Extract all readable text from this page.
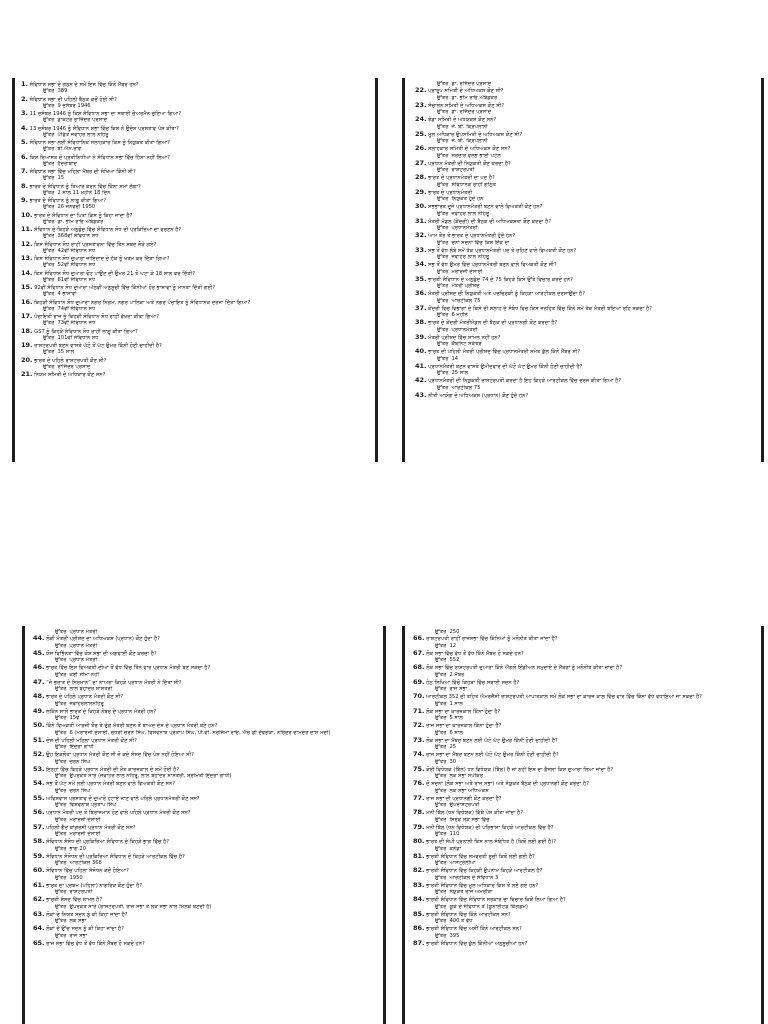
1. ਸੰਵਿਧਾਨ ਸਭਾ ਦੇ ਗਠਨ ਦੇ ਸਮੇਂ ਇਸ ਵਿੱਚ ਕਿੰਨੇ ਮੈਂਬਰ ਹਨ?
ਉੱਤਰ 389
2. ਸੰਵਿਧਾਨ ਸਭਾ ਦੀ ਪਹਿਲੀ ਬੈਠਕ ਕਦੋਂ ਹੋਈ ਸੀ?
ਉੱਤਰ 9 ਦਸੰਬਰ 1946
3. 11 ਦਸੰਬਰ 1946 ਨੂੰ ਕਿਸ ਸੰਵਿਧਾਨ ਸਭਾ ਦਾ ਸਥਾਈ ਚੇਅਰਮੈਨ ਚੁਣਿਆ ਗਿਆ?
ਉੱਤਰ ਡਾਕਟਰ ਰਾਜਿੰਦਰ ਪ੍ਰਸਾਦ
4. 13 ਦਸੰਬਰ 1946 ਨੂੰ ਸੰਵਿਧਾਨ ਸਭਾ ਵਿੱਚ ਕਿਸ ਨੇ ਉਦੇਸ਼ ਪ੍ਰਸਤਾਵ ਪੇਸ਼ ਕੀਤਾ?
ਉੱਤਰ ਪੰਡਿਤ ਜਵਾਹਰ ਲਾਲ ਨਹਿਰੂ
5. ਸੰਵਿਧਾਨ ਸਭਾ ਲਈ ਸੰਵਿਧਾਨਿਕ ਸਲਾਹਕਾਰ ਕਿਸ ਨੂੰ ਨਿਯੁਕਤ ਕੀਤਾ ਗਿਆ?
ਉੱਤਰ ਬੀ.ਐਨ.ਰਾਵ
6. ਕਿਸ ਰਿਆਸਤ ਦੇ ਪ੍ਰਤੀਨਿਧੀਆਂ ਨੇ ਸੰਵਿਧਾਨ ਸਭਾ ਵਿੱਚ ਹਿੱਸਾ ਨਹੀਂ ਲਿਆ?
ਉੱਤਰ ਹੈਦਰਾਬਾਦ
7. ਸੰਵਿਧਾਨ ਸਭਾ ਵਿੱਚ ਮਹਿਲਾ ਮੈਂਬਰ ਦੀ ਸੰਖਿਆ ਕਿੰਨੀ ਸੀ?
ਉੱਤਰ 15
8. ਭਾਰਤ ਦੇ ਸੰਵਿਧਾਨ ਨੂੰ ਤਿਆਰ ਕਰਨ ਵਿੱਚ ਕਿੰਨਾ ਸਮਾਂ ਲੱਗਾ?
ਉੱਤਰ 2 ਸਾਲ 11 ਮਹੀਨੇ 18 ਦਿਨ
9. ਭਾਰਤ ਦੇ ਸੰਵਿਧਾਨ ਨੂੰ ਲਾਗੂ ਕੀਤਾ ਗਿਆ?
ਉੱਤਰ 26 ਜਨਵਰੀ 1950
10. ਭਾਰਤ ਦੇ ਸੰਵਿਧਾਨ ਦਾ ਪਿਤਾ ਕਿਸ ਨੂੰ ਕਿਹਾ ਜਾਂਦਾ ਹੈ?
ਉੱਤਰ ਡਾ. ਭੀਮ ਰਾਓ ਅੰਬੇਡਕਰ
11. ਸੰਵਿਧਾਨ ਦੇ ਕਿਹੜੇ ਅਨੁਛੇਦ ਵਿੱਚ ਸੰਵਿਧਾਨ ਸੋਧ ਦੀ ਪ੍ਰਕਿਰਿਆ ਦਾ ਵਰਣਨ ਹੈ?
ਉੱਤਰ 368ਵੀਂ ਸੰਵਿਧਾਨ ਸੋਧ
12. ਕਿਸ ਸੰਵਿਧਾਨ ਸੋਧ ਰਾਹੀਂ ਪ੍ਰਸਤਾਵਨਾ ਵਿੱਚ ਤਿੰਨ ਸ਼ਬਦ ਜੋੜੇ ਗਏ?
ਉੱਤਰ 42ਵੀਂ ਸੰਵਿਧਾਨ ਸੋਧ
13. ਕਿਸ ਸੰਵਿਧਾਨ ਸੋਧ ਦੁਆਰਾ ਜਾਇਦਾਦ ਦੇ ਹੱਕ ਨੂੰ ਖਤਮ ਕਰ ਦਿੱਤਾ ਗਿਆ?
ਉੱਤਰ 52ਵੀਂ ਸੰਵਿਧਾਨ ਸੋਧ
14. ਕਿਸ ਸੰਵਿਧਾਨ ਸੋਧ ਦੁਆਰਾ ਵੋਟ ਪਾਉਣ ਦੀ ਉਮਰ 21 ਤੋਂ ਘਟਾ ਕੇ 18 ਸਾਲ ਕਰ ਦਿੱਤੀ?
ਉੱਤਰ 61ਵੀਂ ਸੰਵਿਧਾਨ ਸੋਧ
15. 92ਵੀਂ ਸੰਵਿਧਾਨ ਸੋਧ ਦੁਆਰਾ ਅੱਠਵੀਂ ਅਨੁਸੂਚੀ ਵਿੱਚ ਕਿੰਨੀਆਂ ਹੋਰ ਭਾਸ਼ਾਵਾਂ ਨੂੰ ਮਾਨਤਾ ਦਿੱਤੀ ਗਈ?
ਉੱਤਰ 4 ਭਾਸ਼ਾਵਾਂ
16. ਕਿਹੜੀ ਸੰਵਿਧਾਨ ਸੋਧ ਦੁਆਰਾ ਨਗਰ ਨਿਗਮ, ਨਗਰ ਪਾਲਿਕਾ ਅਤੇ ਨਗਰ ਪੰਚਾਇਤ ਨੂੰ ਸੰਵਿਧਾਨਕ ਦਰਜਾ ਦਿੱਤਾ ਗਿਆ?
ਉੱਤਰ 74ਵੀਂ ਸੰਵਿਧਾਨ ਸੋਧ
17. ਪੰਚਾਇਤੀ ਰਾਜ ਨੂੰ ਕਿਹੜੀ ਸੰਵਿਧਾਨ ਸੋਧ ਰਾਹੀਂ ਵੱਖਰਾ ਕੀਤਾ ਗਿਆ?
ਉੱਤਰ 73ਵੀਂ ਸੰਵਿਧਾਨ ਸੋਧ
18. GST ਨੂੰ ਕਿਹੜੇ ਸੰਵਿਧਾਨ ਸੋਧ ਰਾਹੀਂ ਲਾਗੂ ਕੀਤਾ ਗਿਆ?
ਉੱਤਰ 101ਵੀਂ ਸੰਵਿਧਾਨ ਸੋਧ
19. ਰਾਸ਼ਟਰਪਤੀ ਬਣਨ ਵਾਸਤੇ ਘੱਟੋ ਤੋਂ ਘੱਟ ਉਮਰ ਕਿੰਨੀ ਹੋਣੀ ਚਾਹੀਦੀ ਹੈ?
ਉੱਤਰ 35 ਸਾਲ
20. ਭਾਰਤ ਦੇ ਪਹਿਲੇ ਰਾਸ਼ਟਰਪਤੀ ਕੌਣ ਸੀ?
ਉੱਤਰ ਰਾਜਿੰਦਰ ਪ੍ਰਸਾਦ
21. ਨਿਯਮ ਸਮਿਤੀ ਦੇ ਅਧਿਕਾਰ ਕੌਣ ਸਨ?
ਉੱਤਰ ਡਾ. ਰਜਿੰਦਰ ਪ੍ਰਸਾਦ
22. ਪ੍ਰਾਰੂਪ ਸਮਿਤੀ ਦੇ ਅਧਿਅਕਸ਼ ਕੌਣ ਸੀ?
ਉੱਤਰ ਡਾ. ਭੀਮ ਰਾਓ ਅੰਬੇਡਕਰ
23. ਸੰਚਾਲਨ ਸਮਿਤੀ ਦੇ ਅਧਿਅਕਸ਼ ਕੌਣ ਸੀ?
ਉੱਤਰ ਡਾ. ਰਜਿੰਦਰ ਪ੍ਰਸਾਦ
24. ਝੰਡਾ ਸਮਿਤੀ ਦੇ ਅਧਯਕਸ਼ ਕੌਣ ਸਨ?
ਉੱਤਰ ਜੇ. ਬੀ. ਕ੍ਰਿਪਲਾਨੀ
25. ਮੂਲ ਅਧਿਕਾਰ ਉਪਸਮਿਤੀ ਦੇ ਅਧਿਅਕਸ਼ ਕੌਣ ਸੀ?
ਉੱਤਰ ਜੇ. ਬੀ. ਕ੍ਰਿਪਲਾਨੀ
26. ਸਲਾਹਕਾਰ ਸਮਿਤੀ ਦੇ ਅਧਿਅਕਸ਼ ਕੌਣ ਸਨ?
ਉੱਤਰ ਸਰਦਾਰ ਵਲਭ ਭਾਈ ਪਟੇਲ
27. ਪ੍ਰਧਾਨ ਮੰਤਰੀ ਦੀ ਨਿਯੁਕਤੀ ਕੌਣ ਕਰਦਾ ਹੈ?
ਉੱਤਰ ਰਾਸ਼ਟਰਪਤੀ
28. ਭਾਰਤ ਦੇ ਪ੍ਰਧਾਨਮੰਤਰੀ ਦਾ ਪਦ ਹੈ?
ਉੱਤਰ ਸੰਵਿਧਾਨਕ ਰਾਹੀਂ ਗਠਿਤ
29. ਭਾਰਤ ਦੇ ਪ੍ਰਧਾਨਮੰਤਰੀ
ਉੱਤਰ ਨਿਯੁਕਤ ਹੁੰਦੇ ਹਨ
30. ਸਭਭਾਰਤ ਦੂਜੇ ਪ੍ਰਧਾਨਮੰਤਰੀ ਬਣਨ ਵਾਲੇ ਵਿਅਕਤੀ ਕੌਣ ਹਨ?
ਉੱਤਰ ਜਵਾਹਰ ਲਾਲ ਨਹਿਰੂ
31. ਮੰਤਰੀ ਮੰਡਲ (ਕੇਂਦਰੀ) ਦੀ ਬੈਠਕ ਦੀ ਅਧਿਅਕਸ਼ਤਾ ਕੌਣ ਕਰਦਾ ਹੈ?
ਉੱਤਰ ਪ੍ਰਧਾਨਮੰਤਰੀ
32. ਆਮ ਤੌਰ ਤੇ ਭਾਰਤ ਦੇ ਪ੍ਰਧਾਨਮੰਤਰੀ ਹੁੰਦੇ ਹਨ?
ਉੱਤਰ ਦੋਨਾਂ ਸਦਨਾਂ ਵਿੱਚ ਕਿਸੇ ਇੱਕ ਦਾ
33. ਸਭ ਤੋਂ ਵੱਧ ਲੰਬੇ ਸਮੇਂ ਤੱਕ ਪ੍ਰਧਾਨਮੰਤਰੀ ਪਦ ਤੇ ਰਹਿਣ ਵਾਲੇ ਵਿਅਕਤੀ ਕੌਣ ਹਨ?
ਉੱਤਰ ਜਵਾਹਰ ਲਾਲ ਨਹਿਰੂ
34. ਸਭ ਤੋਂ ਵੱਧ ਉਮਰ ਵਿੱਚ ਪ੍ਰਧਾਨਮੰਤਰੀ ਬਣਨ ਵਾਲੇ ਵਿਅਕਤੀ ਕੌਣ ਸੀ?
ਉੱਤਰ ਮੋਰਾਰਜੀ ਦੇਸਾਈ
35. ਭਾਰਤੀ ਸੰਵਿਧਾਨ ਦੇ ਅਨੁਛੇਦ 74 ਦੇ 75 ਕਿਹੜੇ ਕਿਸੇ ਉੱਤੇ ਵਿਚਾਰ ਕਰਦੇ ਹਨ?
ਉੱਤਰ ਮੰਤਰੀ ਪ੍ਰੀਸ਼ਦ
36. ਮੰਤਰੀ ਪ੍ਰੀਸ਼ਦ ਦੀ ਨਿਯੁਕਤੀ ਅਤੇ ਪਦਚਿਰਕੀ ਨੂੰ ਕਿਹੜਾ ਆਰਟੀਕਲ ਦਰਸਾਉਂਦਾ ਹੈ?
ਉੱਤਰ ਆਰਟੀਕਲ 75
37. ਕੇਂਦਰੀ ਵਿਚ ਵਿਭਾਗਾਂ ਦੇ ਕਿਸੇ ਦੀ ਸਲਾਹ ਦੇ ਸੰਬੰਧ ਵਿਚ ਕਿਸ ਜਨਹਿਤ ਵਿੱਚ ਕਿੰਨੇ ਸਮੇਂ ਤੱਕ ਮੰਤਰੀ ਬਣਿਆ ਰਹਿ ਸਕਦਾ ਹੈ?
ਉੱਤਰ 6 ਮਹੀਨੇ
38. ਭਾਰਤ ਦੇ ਕੇਂਦਰੀ ਮੰਤਰੀਮੰਡਲ ਦੀ ਬੈਠਕ ਦੀ ਪ੍ਰਧਾਨਗੀ ਕੌਣ ਕਰਦਾ ਹੈ?
ਉੱਤਰ ਪ੍ਰਧਾਨਮੰਤਰੀ
39. ਮੰਤਰੀ ਪ੍ਰੀਸ਼ਦ ਵਿੱਚ ਸ਼ਾਮਲ ਨਹੀਂ ਹਨ?
ਉੱਤਰ ਕੈਬਨਿਟ ਸਕੱਤਰ
40. ਭਾਰਤ ਦੀ ਪਹਿਲੀ ਮੰਤਰੀ ਪ੍ਰੀਸ਼ਦ ਵਿੱਚ ਪ੍ਰਧਾਨਮੰਤਰੀ ਸਮੇਤ ਕੁੱਲ ਕਿੰਨੇ ਮੈਂਬਰ ਸੀ?
ਉੱਤਰ 14
41. ਪ੍ਰਧਾਨਮੰਤਰੀ ਬਣਨ ਵਾਸਤੇ ਉਮੀਦਵਾਰ ਦੀ ਘੱਟੋ ਘੱਟ ਉਮਰ ਕਿੰਨੀ ਹੋਣੀ ਚਾਹੀਦੀ ਹੈ?
ਉੱਤਰ 25 ਸਾਲ
42. ਪ੍ਰਧਾਨਮੰਤਰੀ ਦੀ ਨਿਯੁਕਤੀ ਰਾਸ਼ਟਰਪਤੀ ਕਰਦਾ ਹੈ ਇਹ ਕਿਹੜੇ ਆਰਟੀਕਲ ਵਿੱਚ ਦਰਜ ਕੀਤਾ ਗਿਆ ਹੈ?
ਉੱਤਰ ਆਰਟੀਕਲ 75
43. ਨੀਤੀ ਆਯੋਗ ਦੇ ਅਧਿਅਕਸ਼ (ਪ੍ਰਧਾਨ) ਕੌਣ ਹੁੰਦੇ ਹਨ?
ਉੱਤਰ ਪ੍ਰਧਾਨ ਮੰਤਰੀ
44. ਲੋਕੀ ਮੰਤਰੀ ਪ੍ਰੀਸ਼ਦ ਦਾ ਅਧਿਅਕਸ਼ (ਪ੍ਰਧਾਨ) ਕੌਣ ਹੁੰਦਾ ਹੈ?
ਉੱਤਰ ਪ੍ਰਧਾਨ ਮੰਤਰੀ
45. ਯੋਜ ਵਿਭਿੰਨਤਾ ਵਿੱਚ ਕੋਸ਼ ਸਭਾ ਦੀ ਅਗਵਾਈ ਕੌਣ ਕਰਦਾ ਹੈ?
ਉੱਤਰ ਪ੍ਰਧਾਨ ਮੰਤਰੀ
46. ਭਾਰਤ ਵਿੱਚ ਇਸ ਵਿਅਕਤੀ ਦੀਆਂ ਤੋਂ ਵੱਧ ਵਿੱਚ ਤਿੰਨ ਵਾਰ ਪ੍ਰਧਾਨ ਮੰਤਰੀ ਬਣ ਸਕਦਾ ਹੈ?
ਉੱਤਰ ਕੋਈ ਸੀਮਾ ਨਹੀਂ
47. “ਜੇ ਭਰਾਤ ਦੇ ਨਿਰਮਾਨ” ਦਾ ਨਾਅਰਾ ਕਿਹੜੇ ਪ੍ਰਧਾਨ ਮੰਤਰੀ ਨੇ ਦਿੱਤਾ ਸੀ?
ਉੱਤਰ ਲਾਲ ਬਹਾਦਰ ਸ਼ਾਸਤਰੀ
48. ਭਾਰਤ ਦੇ ਪਹਿਲੇ ਪ੍ਰਧਾਨ ਮੰਤਰੀ ਕੌਣ ਸੀ?
ਉੱਤਰ ਜਵਾਹਰਲਾਲਨਹਿਰੂ
49. ਲਕਿੰਨ ਸਾਲੋਂ ਭਾਰਤ ਦੇ ਕਿਹੜੇ ਨੰਬਰ ਦੇ ਪ੍ਰਧਾਨ ਮੰਤਰੀ ਹਨ?
ਉੱਤਰ 15ਵੇਂ
50. ਕਿੰਨੇ ਵਿਅਕਤੀ ਆਰਜ਼ੀ ਤੌਰ ਤੇ ਦੁੱਗ ਮੰਤਰੀ ਬਣਨ ਤੋਂ ਬਾਅਦ ਦੇਸ਼ ਦੇ ਪ੍ਰਧਾਨ ਮੰਤਰੀ ਬਣੇ ਹਨ?
ਉੱਤਰ 6 (ਮੋਰਾਰਜੀ ਦੇਸਾਈ, ਚੌਧਰੀ ਚਰਨ ਸਿੰਘ, ਵਿਸ਼ਵਨਾਥ ਪ੍ਰਤਾਪ ਸਿੰਘ, ਪੀ.ਵੀ. ਨਰਸਿੰਮਾ ਰਾਓ, ਐਚ ਡੀ ਦੇਵਗੌੜਾ, ਨਰਿੰਦਰ ਦਾਮੋਦਰ ਦਾਸ ਮੋਦੀ)
51. ਦੇਸ਼ ਦੀ ਪਹਿਲੀ ਮਹਿਲਾ ਪ੍ਰਧਾਨ ਮੰਤਰੀ ਕੌਣ ਸੀ?
ਉੱਤਰ ਇੰਦਰਾ ਗਾਂਧੀ
52. ਉਹ ਇਕਲੌਤਾ ਪ੍ਰਧਾਨ ਮੰਤਰੀ ਕੌਣ ਸੀ ਜੋ ਕਦੇ ਸੰਸਦ ਵਿੱਚ ਪੇਸ਼ ਨਹੀਂ ਹੋਇਆ ਸੀ?
ਉੱਤਰ ਚਰਨ ਸਿੰਘ
53. ਇਨ੍ਹਾਂ ਵਿੱਚ ਕਿਹੜੇ ਪ੍ਰਧਾਨ ਮੰਤਰੀ ਦੀ ਮੌਤ ਕਾਰਜਕਾਲ ਦੇ ਸਮੇਂ ਹੋਈ ਹੈ?
ਉੱਤਰ ਉਪਰੋਕਤ ਸਾਰੇ (ਜਵਾਹਰ ਲਾਲ ਨਹਿਰੂ, ਲਾਲ ਬਹਾਦਰ ਸ਼ਾਸਤਰੀ, ਸ਼੍ਰੀਮਤੀ ਇੰਦਰਾ ਗਾਂਧੀ)
54. ਸਭ ਤੋਂ ਘੱਟ ਸਮੇਂ ਲਈ ਪ੍ਰਧਾਨ ਮੰਤਰੀ ਬਣਨ ਵਾਲੇ ਵਿਅਕਤੀ ਕੌਣ ਸਨ?
ਉੱਤਰ ਚਰਨ ਸਿੰਘ
55. ਅਵਿਸ਼ਵਾਸ ਪ੍ਰਸਤਾਵ ਦੇ ਦੁਆਰੇ ਹਟਾਏ ਜਾਣ ਵਾਲੇ ਪਹਿਲੇ ਪ੍ਰਧਾਨਮੰਤਰੀ ਕੌਣ ਸਨ?
ਉੱਤਰ ਵਿਸ਼ਵਨਾਥ ਪ੍ਰਤਾਪ ਸਿੰਘ
56. ਪ੍ਰਧਾਨ ਮੰਤਰੀ ਪਦ ਤੇ ਬਿਰਾਜਮਾਨ ਹੋਣ ਵਾਲੇ ਪਹਿਲੇ ਪ੍ਰਧਾਨ ਮੰਤਰੀ ਕੌਣ ਸਨ?
ਉੱਤਰ ਮੋਰਾਰਜੀ ਦੇਸਾਈ
57. ਪਹਿਲੀ ਗੈਰ ਕਾਂਗਰਸੀ ਪ੍ਰਧਾਨ ਮੰਤਰੀ ਕੌਣ ਸਨ?
ਉੱਤਰ ਮੋਰਾਰਜੀ ਦੇਸਾਈ
58. ਸੰਵਿਧਾਨ ਸੰਸੋਧ ਦੀ ਪ੍ਰਕਿਰਿਆ ਸੰਵਿਧਾਨ ਦੇ ਕਿਹੜੇ ਭਾਗ ਵਿੱਚ ਹੈ?
ਉੱਤਰ ਭਾਗ 20
59. ਸੰਵਿਧਾਨ ਸੰਸੋਧਨ ਦੀ ਪ੍ਰਕਿਰਿਆ ਸੰਵਿਧਾਨ ਦੇ ਕਿਹੜੇ ਆਰਟੀਕਲ ਵਿੱਚ ਹੈ?
ਉੱਤਰ ਆਰਟੀਕਲ 368
60. ਸੰਵਿਧਾਨ ਵਿੱਚ ਪਹਿਲਾ ਸੰਸੋਧਨ ਕਦੋਂ ਹੋਇਆ?
ਉੱਤਰ 1950
61. ਭਾਰਤ ਦਾ ਪ੍ਰਥਮ (ਪਹਿਲਾ) ਨਾਗਰਿਕ ਕੌਣ ਹੁੰਦਾ ਹੈ?
ਉੱਤਰ ਰਾਸ਼ਟਰਪਤੀ
62. ਭਾਰਤੀ ਸੰਸਦ ਵਿੱਚ ਸ਼ਾਮਲ ਹੈ?
ਉੱਤਰ ਉਪਰੋਕਤ ਸਾਰੇ (ਰਾਸ਼ਟਰਪਤੀ, ਰਾਜ ਸਭਾ ਤੇ ਲੋਕ ਸਭਾ ਨਾਲ ਮਿਲਕੇ ਬਣਦੀ ਹੈ)
63. ਲੋਕਾਂ ਦੇ ਨਿਯਤ ਸਦਨ ਨੂੰ ਕੀ ਕਿਹਾ ਜਾਂਦਾ ਹੈ?
ਉੱਤਰ ਲੋਕ ਸਭਾ
64. ਲੋਕਾਂ ਦੇ ਉੱਚ ਸਦਨ ਨੂੰ ਕੀ ਕਿਹਾ ਜਾਂਦਾ ਹੈ?
ਉੱਤਰ ਰਾਜ ਸਭਾ
65. ਰਾਜ ਸਭਾ ਵਿੱਚ ਵੱਧ ਤੋਂ ਵੱਧ ਕਿੰਨੇ ਮੈਂਬਰ ਹੋ ਸਕਦੇ ਹਨ?
ਉੱਤਰ 250
66. ਰਾਸ਼ਟਰਪਤੀ ਰਾਹੀਂ ਰਾਜਸਭਾ ਵਿੱਚ ਕਿੰਨਿਆਂ ਨੂੰ ਮਨੋਨੀਤ ਕੀਤਾ ਜਾਂਦਾ ਹੈ?
ਉੱਤਰ 12
67. ਲੋਕ ਸਭਾ ਵਿੱਚ ਵੱਧ ਤੋਂ ਵੱਧ ਕਿੰਨੇ ਮੈਂਬਰ ਹੋ ਸਕਦੇ ਹਨ?
ਉੱਤਰ 552
68. ਲੋਕ ਸਭਾ ਵਿੱਚ ਰਾਸ਼ਟਰਪਤੀ ਦੁਆਰਾ ਕਿੰਨੇ ਐਂਗਲੋ ਇੰਡੀਅਨ ਸਮੁਦਾਏ ਦੇ ਮੈਂਬਰਾਂ ਨੂੰ ਮਨੋਨੀਤ ਕੀਤਾ ਜਾਂਦਾ ਹੈ?
ਉੱਤਰ 2 ਮੈਂਬਰ
69. ਹੇਠ ਲਿਖਿਆਂ ਵਿੱਚੋਂ ਕਿਹੜਾ ਵਿੱਚ ਸਥਾਈ ਸਦਨ ਹੈ?
ਉੱਤਰ ਰਾਜ ਸਭਾ
70. ਆਰਟੀਕਲ 352 ਦੀ ਤਹਿਤ ਐਮਰਜੈਂਸੀ ਰਾਸ਼ਟਰਪਤੀ ਆਪਾਤਕਾਲ ਸਮੇਂ ਲੋਕ ਸਭਾ ਦਾ ਕਾਰਜ ਕਾਲ ਵਿੱਚ ਵਾਰ ਵਿੱਚ ਕਿੰਨਾ ਵੱਧ ਵਧਾਇਆ ਜਾ ਸਕਦਾ ਹੈ?
ਉੱਤਰ 1 ਸਾਲ
71. ਲੋਕ ਸਭਾ ਦਾ ਕਾਰਜਕਾਲ ਕਿੰਨਾ ਹੁੰਦਾ ਹੈ?
ਉੱਤਰ 5 ਸਾਲ
72. ਰਾਜ ਸਭਾ ਦਾ ਕਾਰਜਕਾਲ ਕਿੰਨਾ ਹੁੰਦਾ ਹੈ?
ਉੱਤਰ 6 ਸਾਲ
73. ਲੋਕ ਸਭਾ ਦਾ ਮੈਂਬਰ ਬਣਨ ਲਈ ਘੱਟੋ ਘੱਟ ਉਮਰ ਕਿੰਨੀ ਹੋਣੀ ਚਾਹੀਦੀ ਹੈ?
ਉੱਤਰ 25
74. ਰਾਜ ਸਭਾ ਦਾ ਮੈਂਬਰ ਬਣਨ ਲਈ ਘੱਟੋ ਘੱਟ ਉਮਰ ਕਿੰਨੀ ਹੋਣੀ ਚਾਹੀਦੀ ਹੈ?
ਉੱਤਰ 30
75. ਕੋਈ ਵਿਧੇਯਕ (ਬਿੱਲ) ਧਨ ਵਿਧੇਯਕ (ਬਿੱਲ) ਹੈ ਜਾਂ ਨਹੀਂ ਇਸ ਦਾ ਫ਼ੈਸਲਾ ਕਿਸ ਦੁਆਰਾ ਲਿਆ ਜਾਂਦਾ ਹੈ?
ਉੱਤਰ ਲੋਕ ਸਭਾ ਸਪੀਕਰ
76. ਦੋ ਸਦਨਾਂ (ਲੋਕ ਸਭਾ ਅਤੇ ਰਾਜ ਸਭਾ) ਅਤੇ ਸੰਯੁਕਤ ਬੈਠਕ ਦੀ ਪ੍ਰਧਾਨਗੀ ਕੌਣ ਕਰਦਾ ਹੈ?
ਉੱਤਰ ਲੋਕ ਸਭਾ ਅਧਿਅਕਸ਼
77. ਰਾਜ ਸਭਾ ਦੀ ਪ੍ਰਧਾਨਗੀ ਕੌਣ ਕਰਦਾ ਹੈ?
ਉੱਤਰ ਉਪਰਾਸ਼ਟਰਪਤੀ
78. ਮਨੀ ਬਿੱਲ (ਧਨ ਵਿਧੇਯਕ) ਕਿੱਥੇ ਪੇਸ਼ ਕੀਤਾ ਜਾਂਦਾ ਹੈ?
ਉੱਤਰ ਸਿਰਫ਼ ਲੋਕ ਸਭਾ ਵਿੱਚ
79. ਮਨੀ ਬਿੱਲ (ਧਨ ਵਿਧੇਯਕ) ਦੀ ਪਰਿਭਾਸ਼ਾ ਕਿਹੜੇ ਆਰਟੀਕਲ ਵਿੱਚ ਹੈ?
ਉੱਤਰ 110
80. ਭਾਰਤ ਦੀ ਸੰਘੀ ਪ੍ਰਨਾਲੀ ਕਿਸ ਨਾਲ ਸੰਬੰਧਿਤ ਹੈ (ਕਿਥੋਂ ਲਈ ਗਈ ਹੈ)?
ਉੱਤਰ ਕਨੇਡਾ
81. ਭਾਰਤੀ ਸੰਵਿਧਾਨ ਵਿੱਚ ਸਮਵਰਤੀ ਸੂਚੀ ਕਿਥੋਂ ਲਈ ਗਈ ਹੈ?
ਉੱਤਰ ਆਸਟ੍ਰੇਲੀਆ
82. ਭਾਰਤੀ ਸੰਵਿਧਾਨ ਵਿੱਚ ਕਿਹੜੀ ਉਪਨਾਮ ਕਿਹੜੇ ਆਰਟੀਕਲ ਹੈ?
ਉੱਤਰ ਆਰਟੀਕਲ ਦੇ ਸੰਵਿਧਾਨ 3
83. ਭਾਰਤੀ ਸੰਵਿਧਾਨ ਵਿੱਚ ਮੂਲ ਅਧਿਕਾਰ ਕਿਸ ਤੋਂ ਲਏ ਗਏ ਹਨ?
ਉੱਤਰ ਸੰਯੁਕਤ ਰਾਜ ਅਮਰੀਕਾ
84. ਭਾਰਤੀ ਸੰਵਿਧਾਨ ਵਿੱਚ ਸੰਵਿਧਾਨ ਸਰਕਾਰ ਦਾ ਵਿਚਾਰ ਕਿਥੋਂ ਲਿਆ ਗਿਆ ਹੈ?
ਉੱਤਰ ਯੂਕੇ ਦੇ ਸੰਵਿਧਾਨ ਤੋਂ (ਯੂਨਾਈਟਡ ਕਿੰਗਡਮ)
85. ਭਾਰਤੀ ਸੰਵਿਧਾਨ ਵਿੱਚ ਕਿੰਨੇ ਆਰਟੀਕਲ ਸਨ?
ਉੱਤਰ 400 ਤੋਂ ਵੱਧ
86. ਭਾਰਤੀ ਸੰਵਿਧਾਨ ਵਿੱਚ ਅਸੀਂ ਕਿੰਨੇ ਆਰਟੀਕਲ ਸਨ?
ਉੱਤਰ 395
87. ਭਾਰਤੀ ਸੰਵਿਧਾਨ ਵਿੱਚ ਕੁੱਲ ਕਿੰਨੀਆਂ ਅਨੁਸੂਚੀਆਂ ਹਨ?
